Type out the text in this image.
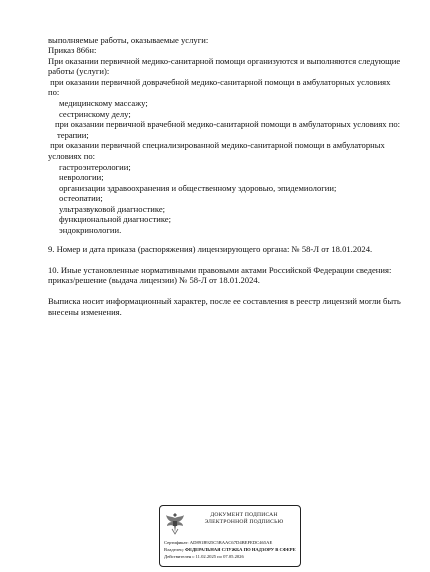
выполняемые работы, оказываемые услуги:

Приказ 866н:

При оказании первичной медико-санитарной помощи организуются и выполняются следующие

работы (услуги):

при оказании первичной доврачебной медико-санитарной помощи в амбулаторных условиях

по:

медицинскому массажу;

сестринскому делу;

при оказании первичной врачебной медико-санитарной помощи в амбулаторных условиях по:

терапии;

при оказании первичной специализированной медико-санитарной помощи в амбулаторных

условиях по:

гастроэнтерологии;

неврологии;

организации здравоохранения и общественному здоровью, эпидемиологии;

остеопатии;

ультразвуковой диагностике;

функциональной диагностике;

эндокринологии.

9. Номер и дата приказа (распоряжения) лицензирующего органа: № 58-Л от 18.01.2024.

10. Иные установленные нормативными правовыми актами Российской Федерации сведения:

приказ/решение (выдача лицензии) № 58-Л от 18.01.2024.

Выписка носит информационный характер, после ее составления в реестр лицензий могли быть

внесены изменения.

ДОКУМЕНТ ПОДПИСАН
ЭЛЕКТРОННОЙ ПОДПИСЬЮ
Сертификат: AD891B925C5BAAC67D4BEFEDC465AE
Владелец: ФЕДЕРАЛЬНАЯ СЛУЖБА ПО НАДЗОРУ В СФЕРЕ
Действителен с 11.02.2025 по 07.05.2026
